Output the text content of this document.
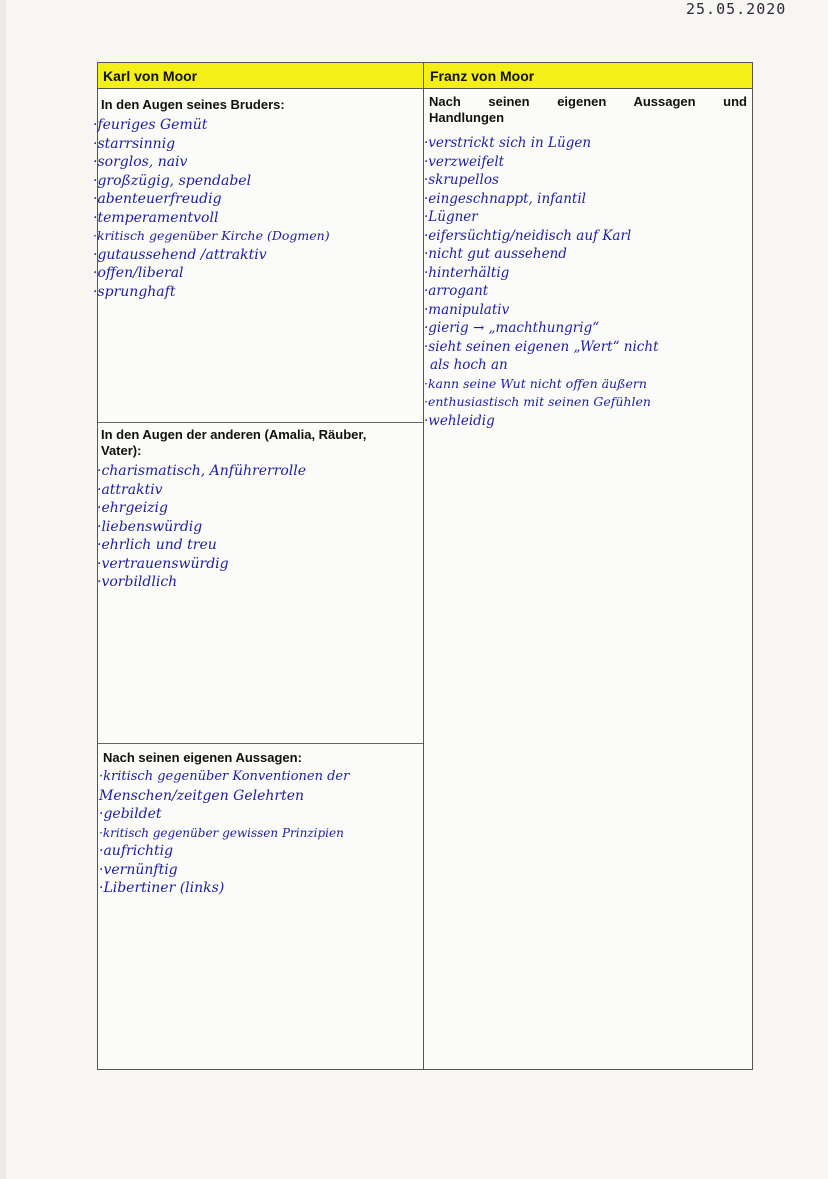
25.05.2020
Karl von Moor	Franz von Moor
In den Augen seines Bruders:
·feuriges Gemüt
·starrsinnig
·sorglos, naiv
·großzügig, spendabel
·abenteuerfreudig
·temperamentvoll
·kritisch gegenüber Kirche (Dogmen)
·gutaussehend /attraktiv
·offen/liberal
·sprunghaft
In den Augen der anderen (Amalia, Räuber,
Vater):
·charismatisch, Anführerrolle
·attraktiv
·ehrgeizig
·liebenswürdig
·ehrlich und treu
·vertrauenswürdig
·vorbildlich
Nach seinen eigenen Aussagen:
·kritisch gegenüber Konventionen der
Menschen/zeitgen Gelehrten
·gebildet
·kritisch gegenüber gewissen Prinzipien
·aufrichtig
·vernünftig
·Libertiner (links)
Nach seinen eigenen Aussagen und
Handlungen
·verstrickt sich in Lügen
·verzweifelt
·skrupellos
·eingeschnappt, infantil
·Lügner
·eifersüchtig/neidisch auf Karl
·nicht gut aussehend
·hinterhältig
·arrogant
·manipulativ
·gierig → „machthungrig“
·sieht seinen eigenen „Wert“ nicht
als hoch an
·kann seine Wut nicht offen äußern
·enthusiastisch mit seinen Gefühlen
·wehleidig
